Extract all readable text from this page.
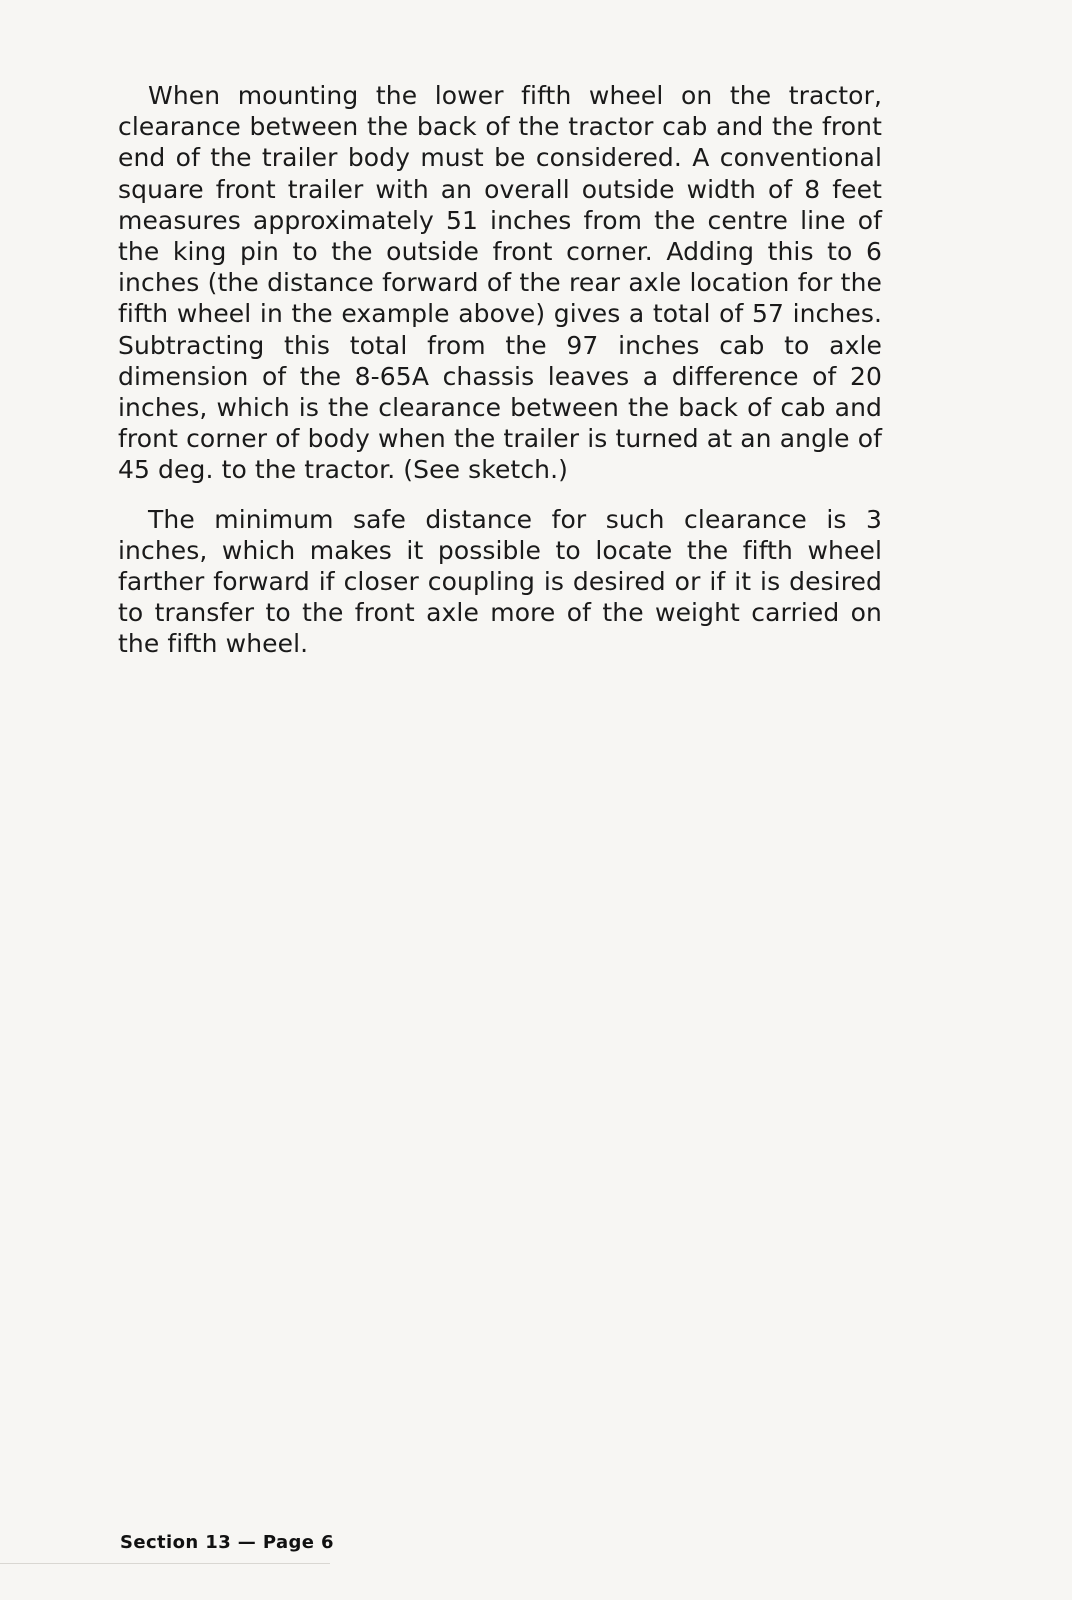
When mounting the lower fifth wheel on the tractor, clearance between the back of the tractor cab and the front end of the trailer body must be considered. A conventional square front trailer with an overall outside width of 8 feet measures approximately 51 inches from the centre line of the king pin to the outside front corner. Adding this to 6 inches (the distance forward of the rear axle location for the fifth wheel in the example above) gives a total of 57 inches. Subtracting this total from the 97 inches cab to axle dimension of the 8-65A chassis leaves a difference of 20 inches, which is the clearance between the back of cab and front corner of body when the trailer is turned at an angle of 45 deg. to the tractor. (See sketch.)

The minimum safe distance for such clearance is 3 inches, which makes it possible to locate the fifth wheel farther forward if closer coupling is desired or if it is desired to transfer to the front axle more of the weight carried on the fifth wheel.

Section 13 — Page 6
